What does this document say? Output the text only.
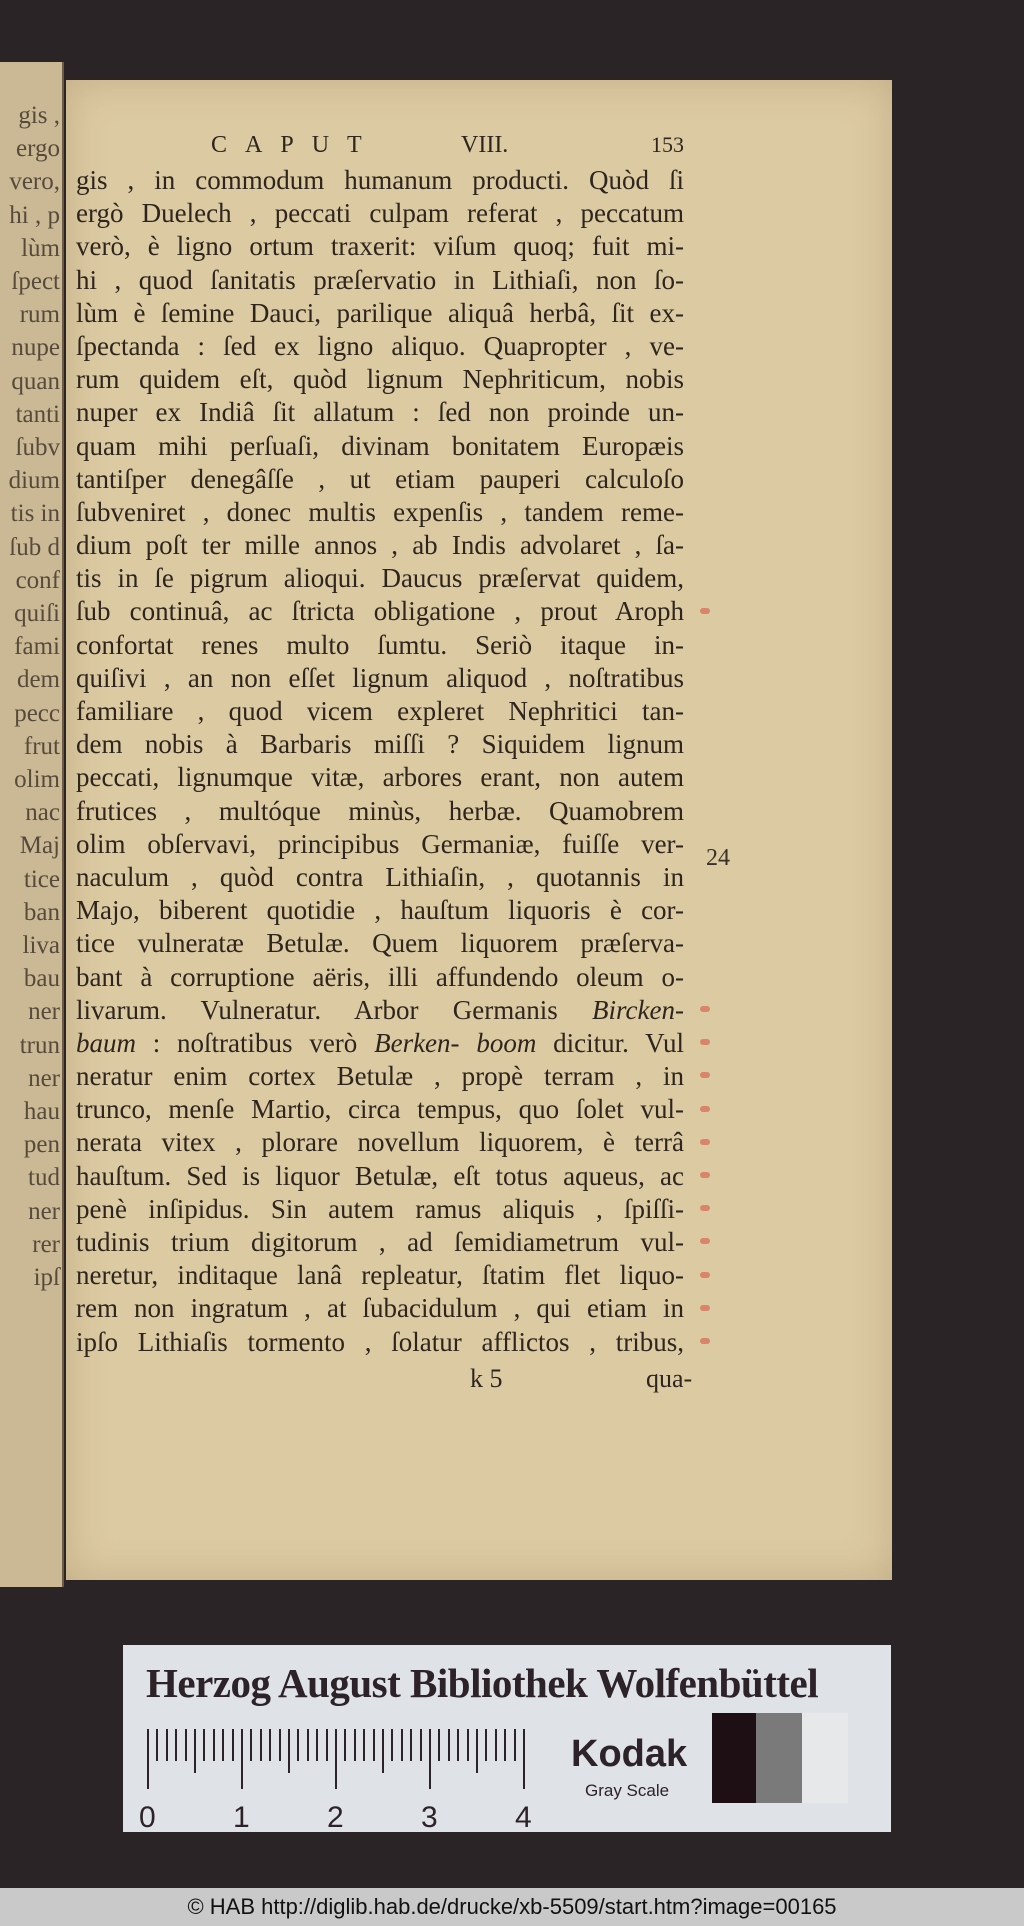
gis ,
ergo
vero,
hi , p
lùm
ſpect
rum
nupe
quan
tanti
ſubv
dium
tis in
ſub d
conf
quiſi
fami
dem
pecc
frut
olim
nac
Maj
tice
ban
liva
bau
ner
trun
ner
hau
pen
tud
ner
rer
ipſ
CAPUT	VIII.	153
gis , in commodum humanum producti. Quòd ſi
ergò Duelech , peccati culpam referat , peccatum
verò, è ligno ortum traxerit: viſum quoq; fuit mi-
hi , quod ſanitatis præſervatio in Lithiaſi, non ſo-
lùm è ſemine Dauci, parilique aliquâ herbâ, ſit ex-
ſpectanda : ſed ex ligno aliquo. Quapropter , ve-
rum quidem eſt, quòd lignum Nephriticum, nobis
nuper ex Indiâ ſit allatum : ſed non proinde un-
quam mihi perſuaſi, divinam bonitatem Europæis
tantiſper denegâſſe , ut etiam pauperi calculoſo
ſubveniret , donec multis expenſis , tandem reme-
dium poſt ter mille annos , ab Indis advolaret , ſa-
tis in ſe pigrum alioqui. Daucus præſervat quidem,
ſub continuâ, ac ſtricta obligatione , prout Aroph
confortat renes multo ſumtu. Seriò itaque in-
quiſivi , an non eſſet lignum aliquod , noſtratibus
familiare , quod vicem expleret Nephritici tan-
dem nobis à Barbaris miſſi ? Siquidem lignum
peccati, lignumque vitæ, arbores erant, non autem
frutices , multóque minùs, herbæ. Quamobrem
olim obſervavi, principibus Germaniæ, fuiſſe ver-
naculum , quòd contra Lithiaſin, , quotannis in
Majo, biberent quotidie , hauſtum liquoris è cor-
tice vulneratæ Betulæ. Quem liquorem præſerva-
bant à corruptione aëris, illi affundendo oleum o-
livarum. Vulneratur. Arbor Germanis Bircken-
baum : noſtratibus verò Berken- boom dicitur. Vul
neratur enim cortex Betulæ , propè terram , in
trunco, menſe Martio, circa tempus, quo ſolet vul-
nerata vitex , plorare novellum liquorem, è terrâ
hauſtum. Sed is liquor Betulæ, eſt totus aqueus, ac
penè inſipidus. Sin autem ramus aliquis , ſpiſſi-
tudinis trium digitorum , ad ſemidiametrum vul-
neretur, inditaque lanâ repleatur, ſtatim flet liquo-
rem non ingratum , at ſubacidulum , qui etiam in
ipſo Lithiaſis tormento , ſolatur afflictos , tribus,
k 5	qua-
24
Herzog August Bibliothek Wolfenbüttel
0	1	2	3	4
Kodak
Gray Scale
© HAB http://diglib.hab.de/drucke/xb-5509/start.htm?image=00165
